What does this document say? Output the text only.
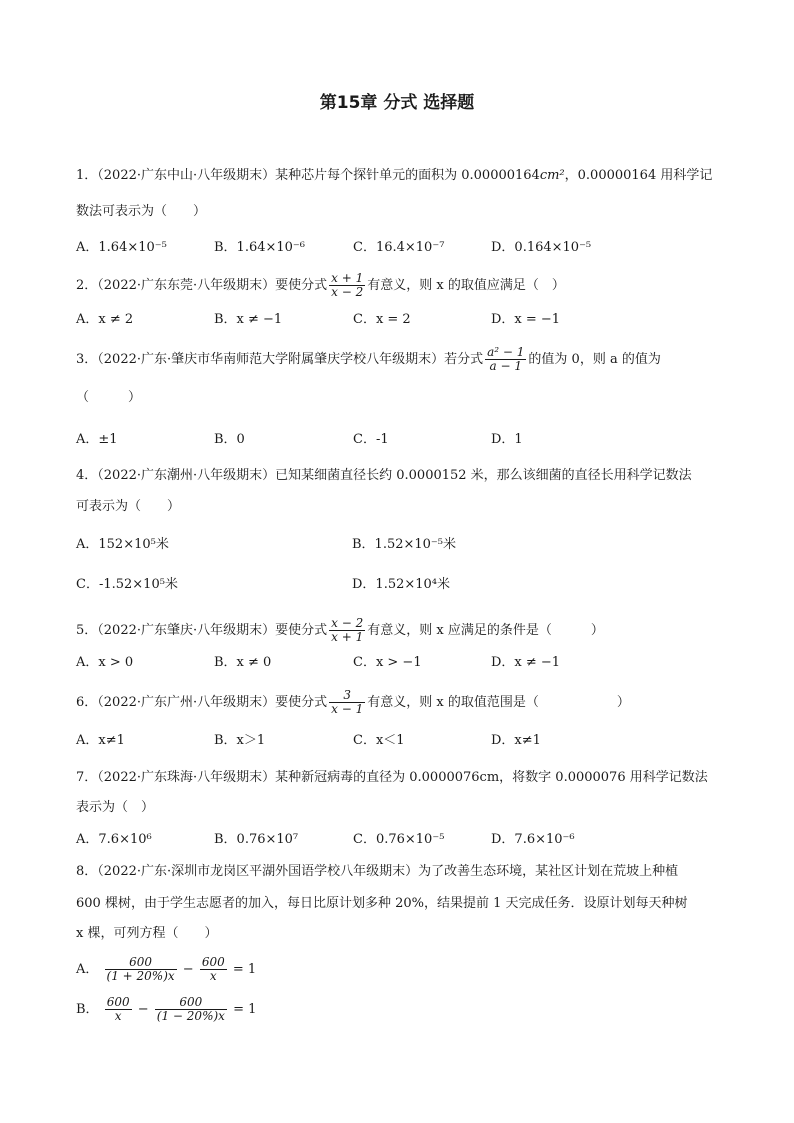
第15章 分式 选择题
1．（2022·广东中山·八年级期末）某种芯片每个探针单元的面积为 0.00000164cm²，0.00000164 用科学记
数法可表示为（　　）
A．1.64×10⁻⁵	B．1.64×10⁻⁶	C．16.4×10⁻⁷	D．0.164×10⁻⁵
2．（2022·广东东莞·八年级期末）要使分式 $\frac{x + 1}{x - 2}$ 有意义，则 x 的取值应满足（　）
A．x ≠ 2	B．x ≠ −1	C．x = 2	D．x = −1
3．（2022·广东·肇庆市华南师范大学附属肇庆学校八年级期末）若分式 $\frac{\text{a² − 1}}{a - 1}$ 的值为 0，则 a 的值为
（　　　）
A．±1	B．0	C．-1	D．1
4．（2022·广东潮州·八年级期末）已知某细菌直径长约 0.0000152 米，那么该细菌的直径长用科学记数法
可表示为（　　）
A．152×10⁵米	B．1.52×10⁻⁵米
C．-1.52×10⁵米	D．1.52×10⁴米
5．（2022·广东肇庆·八年级期末）要使分式 $\frac{x - 2}{x + 1}$ 有意义，则 x 应满足的条件是（　　　）
A．x > 0	B．x ≠ 0	C．x > −1	D．x ≠ −1
6．（2022·广东广州·八年级期末）要使分式 $\frac{3}{x - 1}$ 有意义，则 x 的取值范围是（　　　　　　）
A．x≠1	B．x＞1	C．x＜1	D．x≠1
7．（2022·广东珠海·八年级期末）某种新冠病毒的直径为 0.0000076cm，将数字 0.0000076 用科学记数法
表示为（　）
A．7.6×10⁶	B．0.76×10⁷	C．0.76×10⁻⁵	D．7.6×10⁻⁶
8．（2022·广东·深圳市龙岗区平湖外国语学校八年级期末）为了改善生态环境，某社区计划在荒坡上种植
600 棵树，由于学生志愿者的加入，每日比原计划多种 20%，结果提前 1 天完成任务．设原计划每天种树
x 棵，可列方程（　　）
A． $\frac{600}{(1 + 20\%)x} - \frac{600}{x} = 1$
B． $\frac{600}{x} - \frac{600}{(1 - 20\%)x} = 1$
